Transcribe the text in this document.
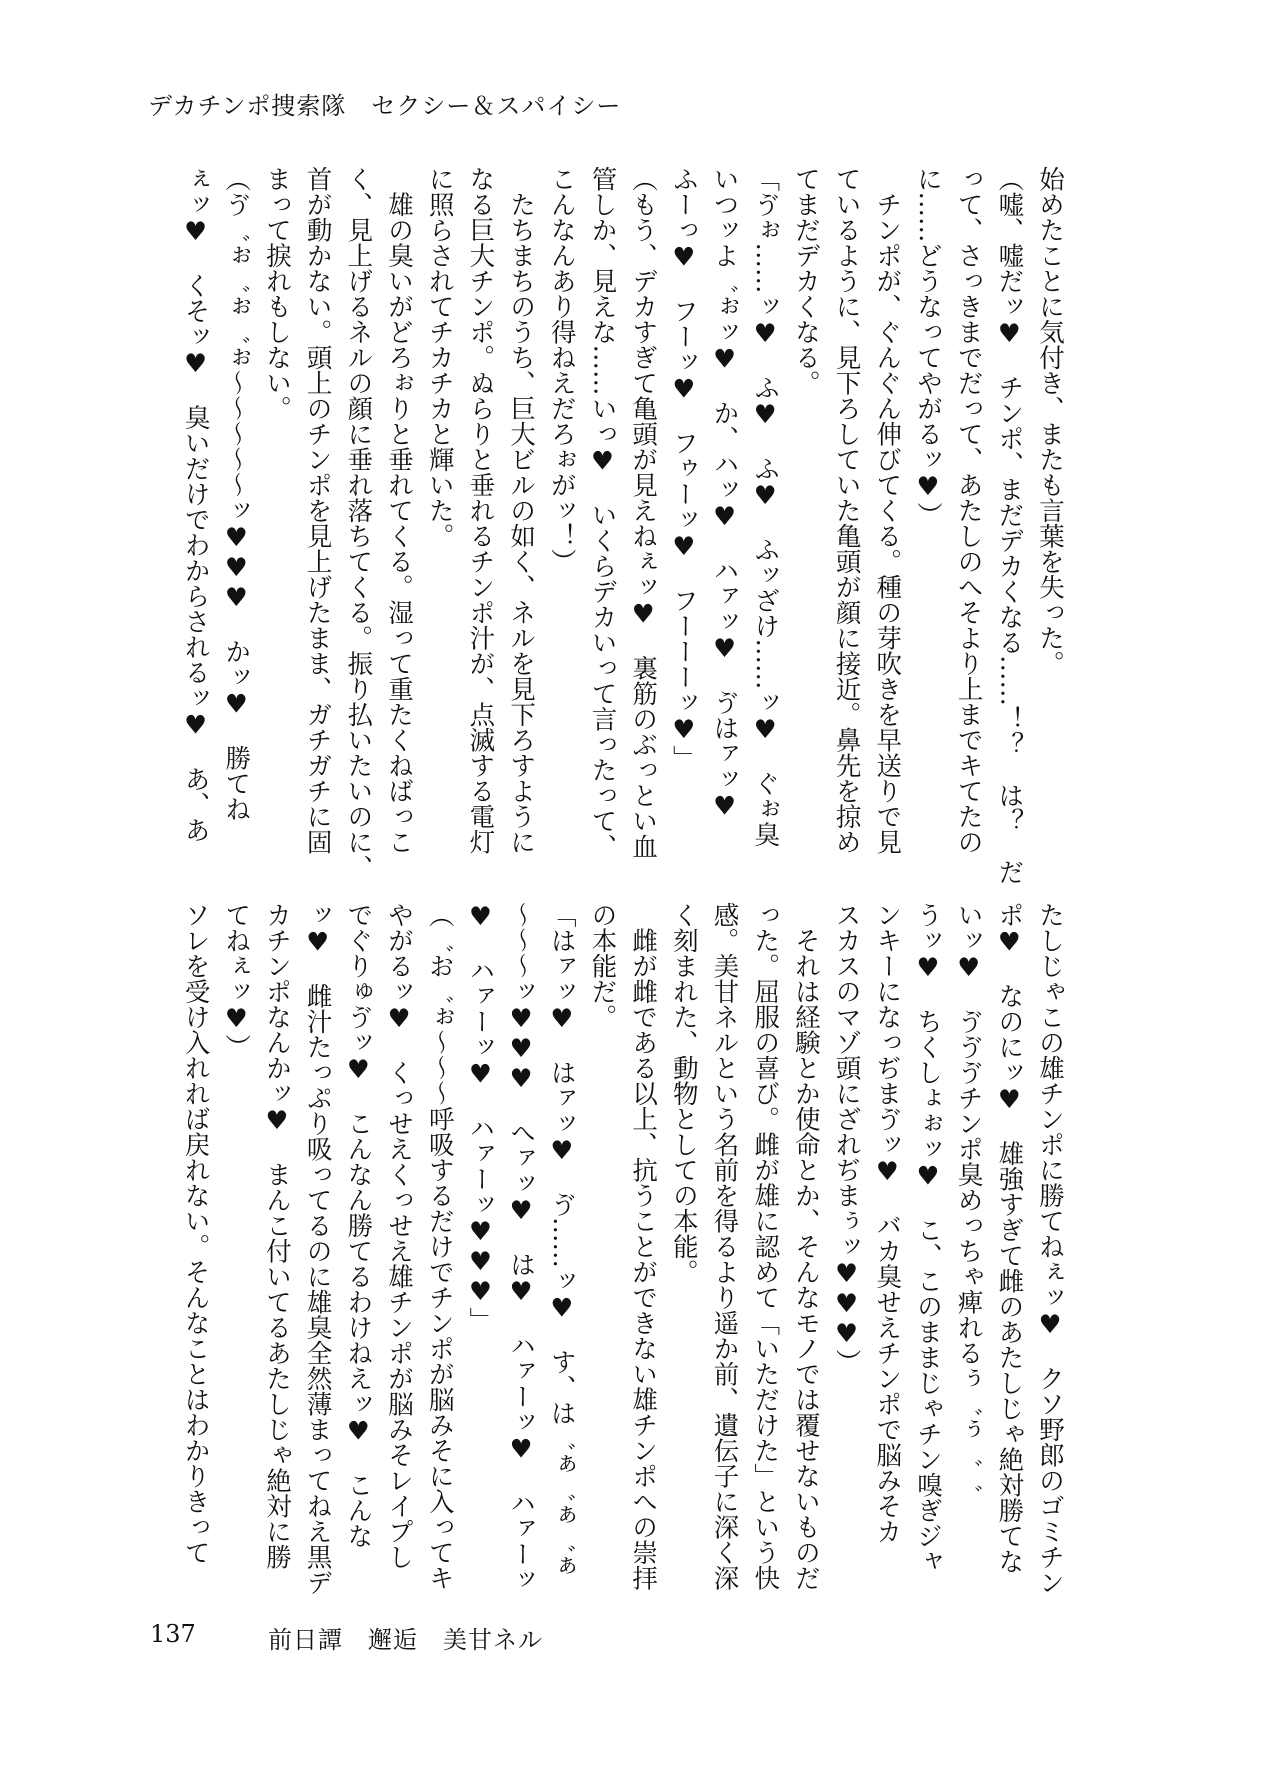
デカチンポ捜索隊　セクシー＆スパイシー
始めたことに気付き、またも言葉を失った。
（嘘、嘘だッ♥　チンポ、まだデカくなる……！？　は？　だ
って、さっきまでだって、あたしのへそより上までキてたの
に……どうなってやがるッ♥）
　チンポが、ぐんぐん伸びてくる。種の芽吹きを早送りで見
ているように、見下ろしていた亀頭が顔に接近。鼻先を掠め
てまだデカくなる。
「ゔぉ……ッ♥　ふ♥　ふ♥　ふッざけ……ッ♥　ぐぉ臭
いつッよ゛ぉッ♥　か、ハッ♥　ハァッ♥　ゔはァッ♥
ふーっ♥　フーッ♥　フゥーッ♥　フーーーッ♥」
（もう、デカすぎて亀頭が見えねぇッ♥　裏筋のぶっとい血
管しか、見えな……いっ♥　いくらデカいって言ったって、
こんなんあり得ねえだろぉがッ！）
　たちまちのうち、巨大ビルの如く、ネルを見下ろすように
なる巨大チンポ。ぬらりと垂れるチンポ汁が、点滅する電灯
に照らされてチカチカと輝いた。
　雄の臭いがどろぉりと垂れてくる。湿って重たくねばっこ
く、見上げるネルの顔に垂れ落ちてくる。振り払いたいのに、
首が動かない。頭上のチンポを見上げたまま、ガチガチに固
まって捩れもしない。
（ゔ゛ぉ゛ぉ゛ぉ〜〜〜〜〜ッ♥♥♥　かッ♥　勝てね
ぇッ♥　くそッ♥　臭いだけでわからされるッ♥　あ、あ
たしじゃこの雄チンポに勝てねぇッ♥　クソ野郎のゴミチン
ポ♥　なのにッ♥　雄強すぎて雌のあたしじゃ絶対勝てな
いッ♥　ゔゔゔチンポ臭めっちゃ痺れるぅ゛ぅ゛゛
うッ♥　ちくしょぉッ♥　こ、このままじゃチン嗅ぎジャ
ンキーになっぢまゔッ♥　バカ臭せえチンポで脳みそカ
スカスのマゾ頭にざれぢまぅッ♥♥♥）
　それは経験とか使命とか、そんなモノでは覆せないものだ
った。屈服の喜び。雌が雄に認めて「いただけた」という快
感。美甘ネルという名前を得るより遥か前、遺伝子に深く深
く刻まれた、動物としての本能。
　雌が雌である以上、抗うことができない雄チンポへの崇拝
の本能だ。
「はァッ♥　はァッ♥　ゔ……ッ♥　す、は゛ぁ゛ぁ゛ぁ
〜〜〜ッ♥♥♥　へァッ♥　は♥　ハァーッ♥　ハァーッ
♥　ハァーッ♥　ハァーッ♥♥♥」
（゛お゛ぉ〜〜〜呼吸するだけでチンポが脳みそに入ってキ
やがるッ♥　くっせえくっせえ雄チンポが脳みそレイプし
でぐりゅゔッ♥　こんなん勝てるわけねえッ♥　こんな
ッ♥　雌汁たっぷり吸ってるのに雄臭全然薄まってねえ黒デ
カチンポなんかッ♥　まんこ付いてるあたしじゃ絶対に勝
てねぇッ♥）
ソレを受け入れれば戻れない。そんなことはわかりきって
137	前日譚　邂逅　美甘ネル
